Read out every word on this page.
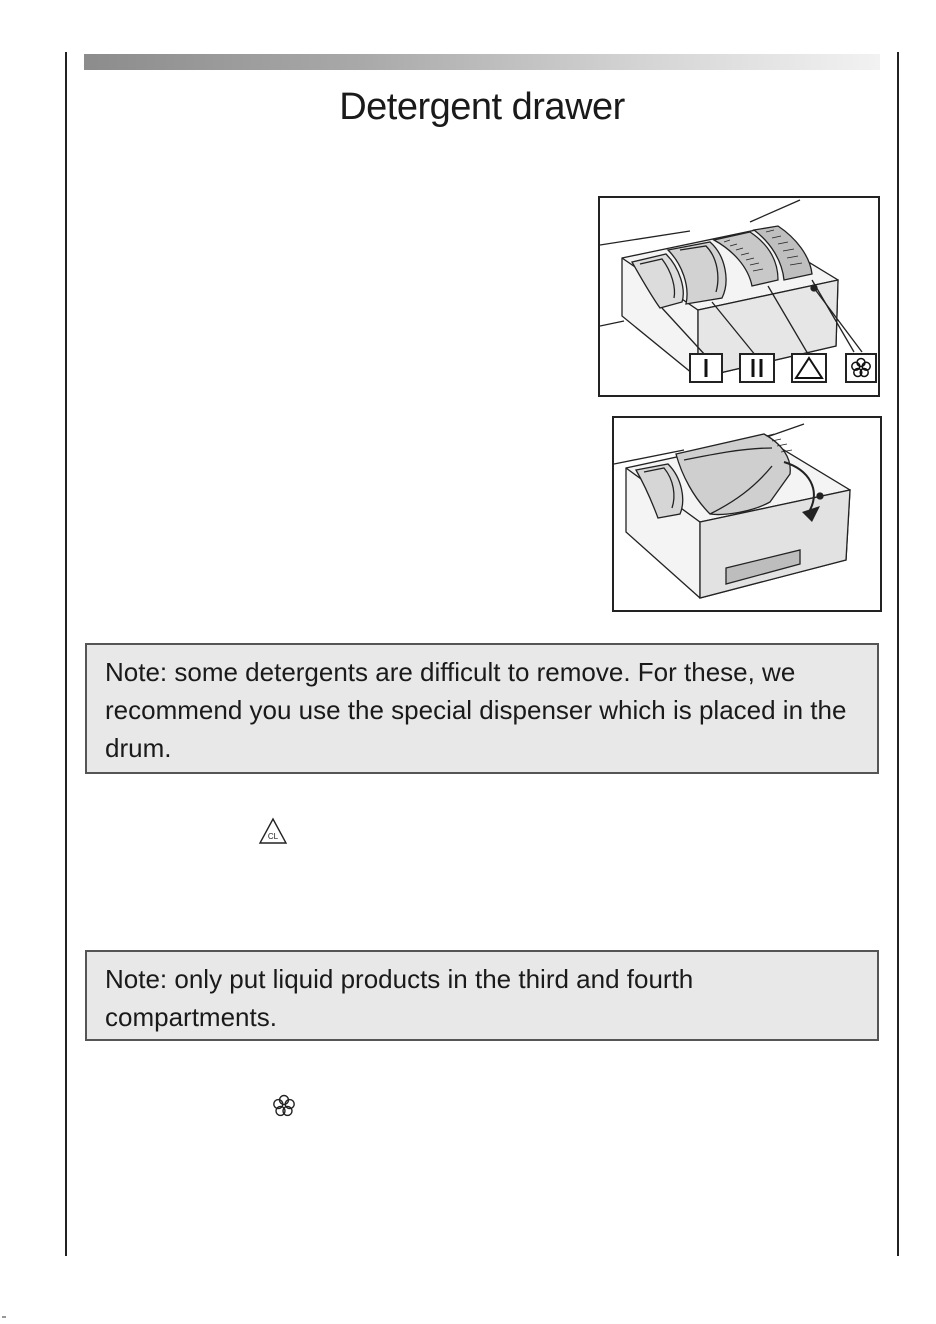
Detergent drawer
Note: some detergents are difficult to remove. For these, we recommend you use the special dispenser which is placed in the drum.
CL
Note: only put liquid products in the third and fourth compartments.
